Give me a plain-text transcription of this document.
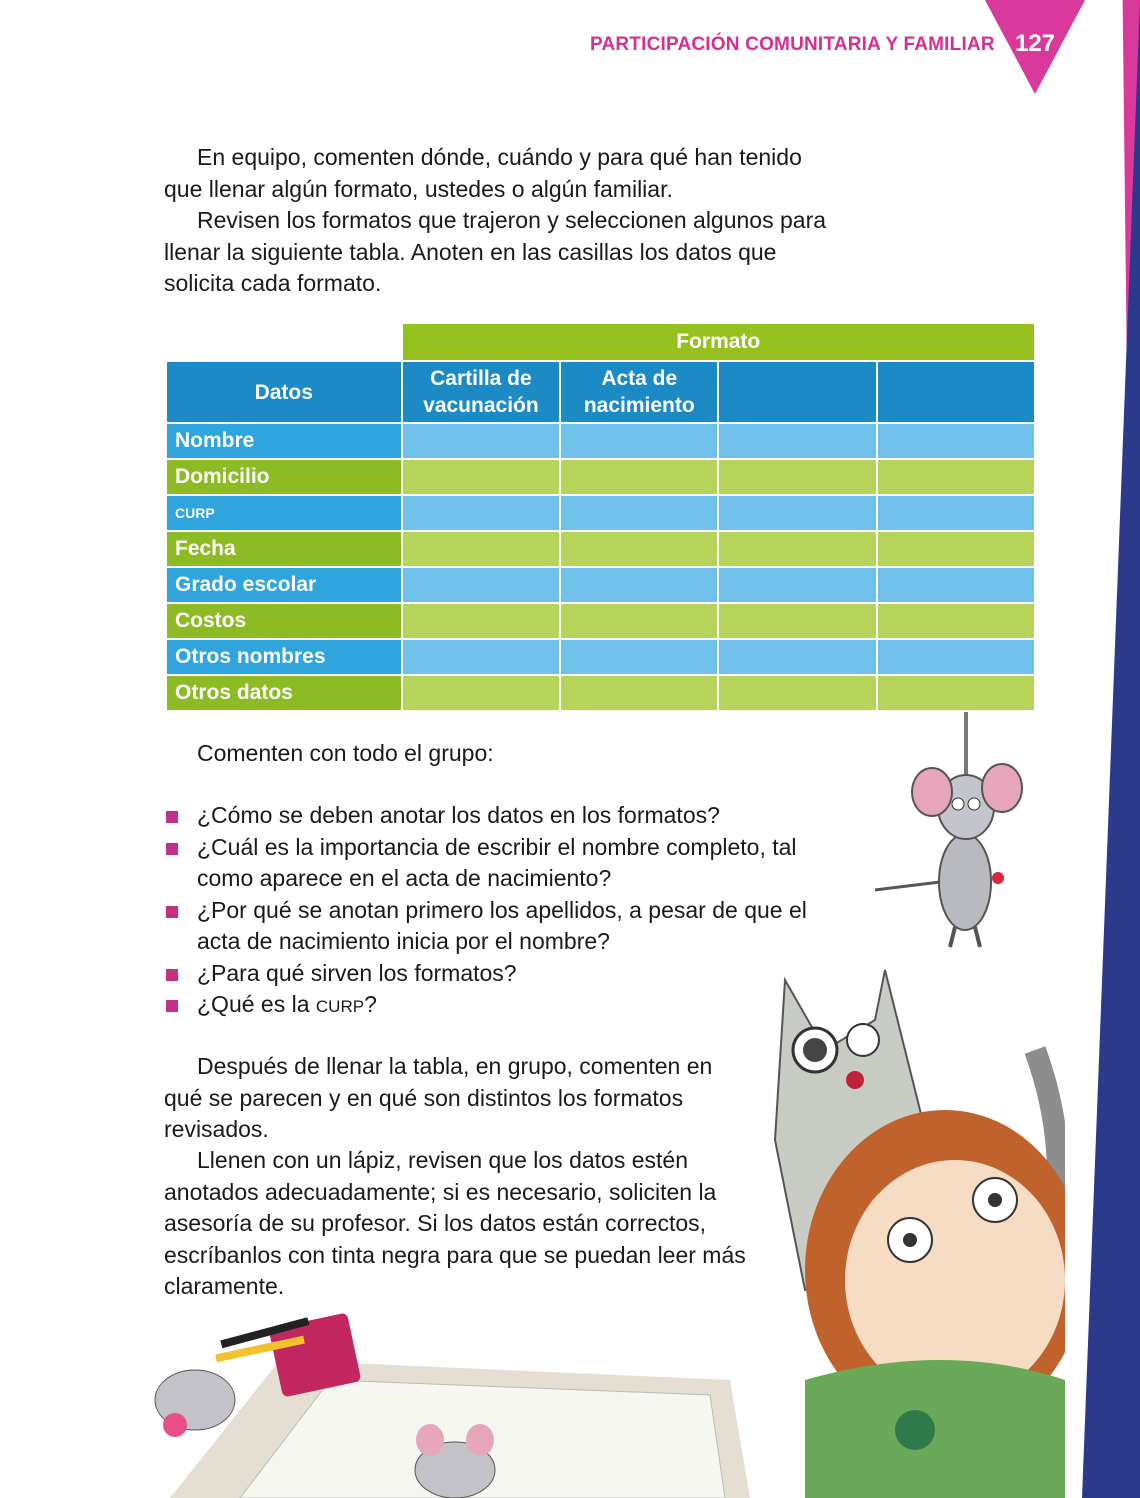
PARTICIPACIÓN COMUNITARIA Y FAMILIAR 127

En equipo, comenten dónde, cuándo y para qué han tenido que llenar algún formato, ustedes o algún familiar.

Revisen los formatos que trajeron y seleccionen algunos para llenar la siguiente tabla. Anoten en las casillas los datos que solicita cada formato.

	Formato			
Datos	Cartilla de vacunación	Acta de nacimiento		
Nombre				
Domicilio				
CURP				
Fecha				
Grado escolar				
Costos				
Otros nombres				
Otros datos				

Comenten con todo el grupo:

¿Cómo se deben anotar los datos en los formatos?
¿Cuál es la importancia de escribir el nombre completo, tal como aparece en el acta de nacimiento?
¿Por qué se anotan primero los apellidos, a pesar de que el acta de nacimiento inicia por el nombre?
¿Para qué sirven los formatos?
¿Qué es la CURP?

Después de llenar la tabla, en grupo, comenten en qué se parecen y en qué son distintos los formatos revisados.

Llenen con un lápiz, revisen que los datos estén anotados adecuadamente; si es necesario, soliciten la asesoría de su profesor. Si los datos están correctos, escríbanlos con tinta negra para que se puedan leer más claramente.
